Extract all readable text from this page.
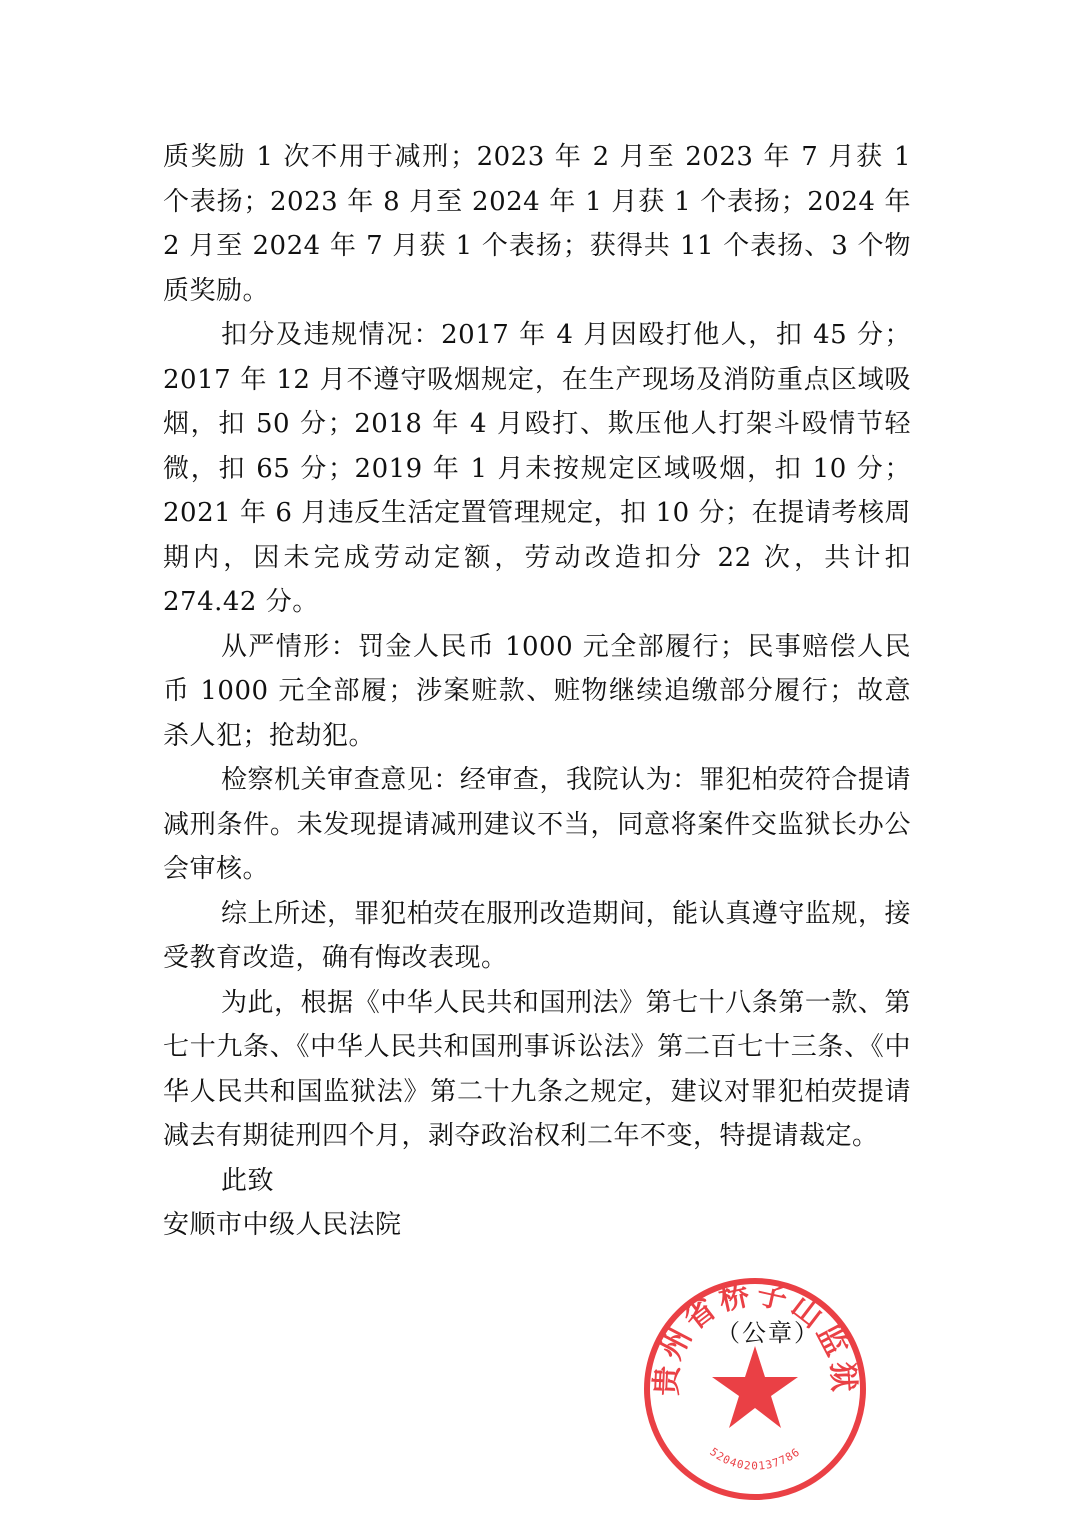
质奖励 1 次不用于减刑；2023 年 2 月至 2023 年 7 月获 1 个表扬；2023 年 8 月至 2024 年 1 月获 1 个表扬；2024 年 2 月至 2024 年 7 月获 1 个表扬；获得共 11 个表扬、3 个物质奖励。

扣分及违规情况：2017 年 4 月因殴打他人，扣 45 分；2017 年 12 月不遵守吸烟规定，在生产现场及消防重点区域吸烟，扣 50 分；2018 年 4 月殴打、欺压他人打架斗殴情节轻微，扣 65 分；2019 年 1 月未按规定区域吸烟，扣 10 分；2021 年 6 月违反生活定置管理规定，扣 10 分；在提请考核周期内，因未完成劳动定额，劳动改造扣分 22 次，共计扣 274.42 分。

从严情形：罚金人民币 1000 元全部履行；民事赔偿人民币 1000 元全部履；涉案赃款、赃物继续追缴部分履行；故意杀人犯；抢劫犯。

检察机关审查意见：经审查，我院认为：罪犯柏荧符合提请减刑条件。未发现提请减刑建议不当，同意将案件交监狱长办公会审核。

综上所述，罪犯柏荧在服刑改造期间，能认真遵守监规，接受教育改造，确有悔改表现。

为此，根据《中华人民共和国刑法》第七十八条第一款、第七十九条、《中华人民共和国刑事诉讼法》第二百七十三条、《中华人民共和国监狱法》第二十九条之规定，建议对罪犯柏荧提请减去有期徒刑四个月，剥夺政治权利二年不变，特提请裁定。

此致

安顺市中级人民法院

（公章）
贵州省桥子山监狱
5204020137786
